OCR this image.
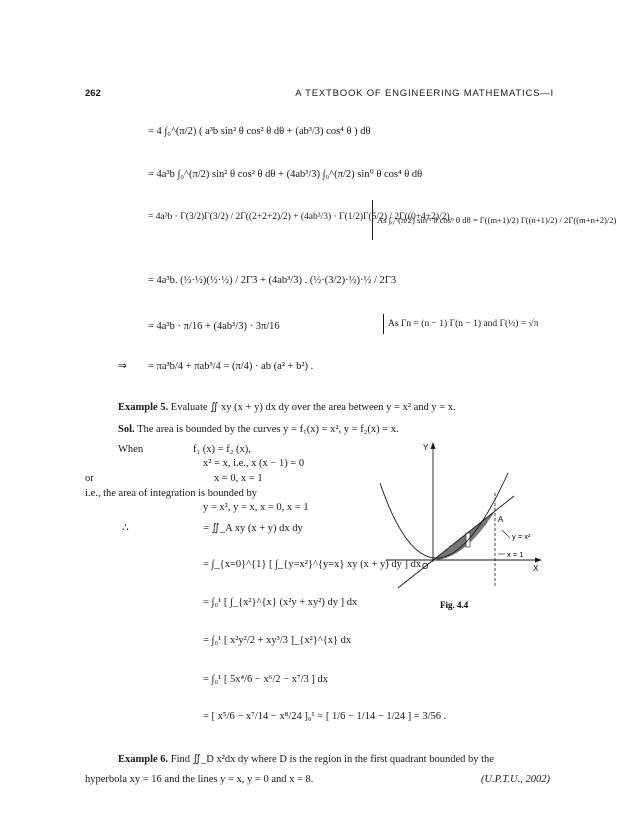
262	A TEXTBOOK OF ENGINEERING MATHEMATICS—I
= 4 ∫₀^(π/2) ( a³b sin² θ cos² θ dθ + (ab³/3) cos⁴ θ ) dθ
= 4a³b ∫₀^(π/2) sin² θ cos² θ dθ + (4ab³/3) ∫₀^(π/2) sin⁰ θ cos⁴ θ dθ
= 4a³b · Γ(3/2)Γ(3/2) / 2Γ((2+2+2)/2) + (4ab³/3) · Γ(1/2)Γ(5/2) / 2Γ((0+4+2)/2)
As ∫₀^(π/2) sinᵐ θ cosⁿ θ dθ = Γ((m+1)/2) Γ((n+1)/2) / 2Γ((m+n+2)/2)
= 4a³b. (½·½)(½·½) / 2Γ3 + (4ab³/3) . (½·(3/2)·½)·½ / 2Γ3
= 4a³b · π/16 + (4ab³/3) · 3π/16	As Γn = (n − 1) Γ(n − 1) and Γ(½) = √π
⇒ = πa³b/4 + πab³/4 = (π/4) · ab (a² + b²) .
Example 5. Evaluate ∬ xy (x + y) dx dy over the area between y = x² and y = x.
Sol. The area is bounded by the curves y = f₁(x) = x², y = f₂(x) = x.
When	f₁ (x) = f₂ (x),
x² = x, i.e., x (x − 1) = 0
or	x = 0, x = 1
i.e., the area of integration is bounded by
y = x², y = x, x = 0, x = 1
∴	= ∬_A xy (x + y) dx dy
= ∫_{x=0}^{1} [ ∫_{y=x²}^{y=x} xy (x + y) dy ] dx
= ∫₀¹ [ ∫_{x²}^{x} (x²y + xy²) dy ] dx
= ∫₀¹ [ x²y²/2 + xy³/3 ]_{x²}^{x} dx
= ∫₀¹ [ 5x⁴/6 − x⁶/2 − x⁷/3 ] dx
= [ x⁵/6 − x⁷/14 − x⁸/24 ]₀¹ = [ 1/6 − 1/14 − 1/24 ] = 3/56 .
Example 6. Find ∬_D x²dx dy where D is the region in the first quadrant bounded by the
hyperbola xy = 16 and the lines y = x, y = 0 and x = 8.	(U.P.T.U., 2002)
Y
X
O
A
y = x²
x = 1
Fig. 4.4
